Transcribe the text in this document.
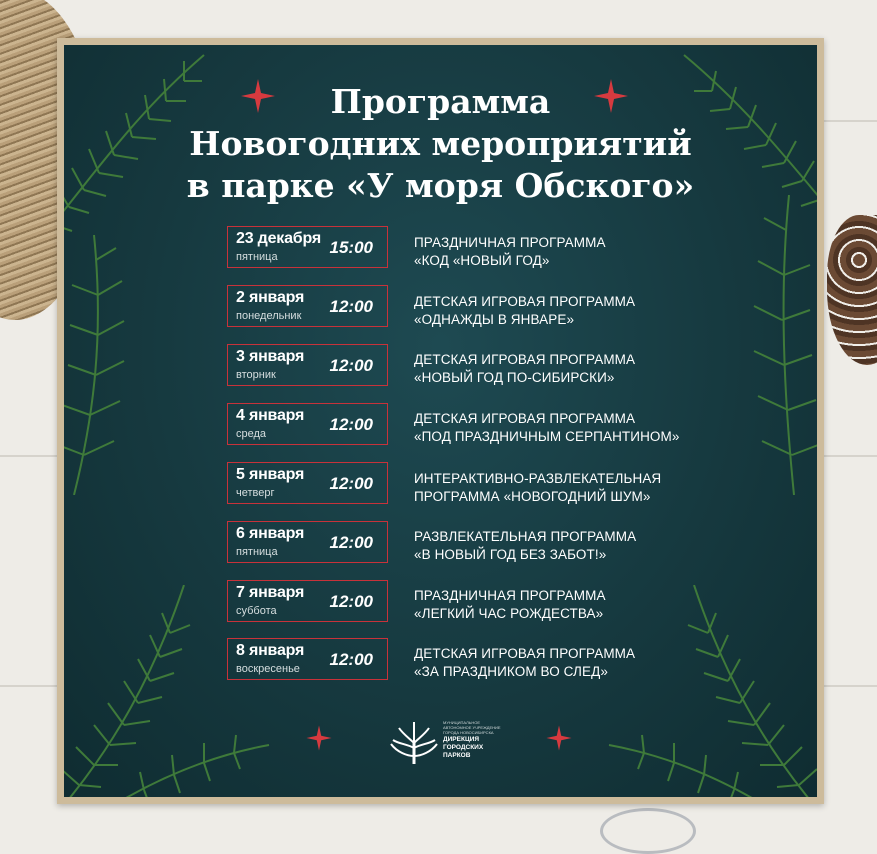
Программа
Новогодних мероприятий
в парке «У моря Обского»
23 декабря
пятница	15:00	ПРАЗДНИЧНАЯ ПРОГРАММА
«КОД «НОВЫЙ ГОД»
2 января
понедельник 12:00	ДЕТСКАЯ ИГРОВАЯ ПРОГРАММА
«ОДНАЖДЫ В ЯНВАРЕ»
3 января
вторник	12:00	ДЕТСКАЯ ИГРОВАЯ ПРОГРАММА
«НОВЫЙ ГОД ПО-СИБИРСКИ»
4 января
среда	12:00	ДЕТСКАЯ ИГРОВАЯ ПРОГРАММА
«ПОД ПРАЗДНИЧНЫМ СЕРПАНТИНОМ»
5 января
четверг	12:00	ИНТЕРАКТИВНО-РАЗВЛЕКАТЕЛЬНАЯ
ПРОГРАММА «НОВОГОДНИЙ ШУМ»
6 января
пятница	12:00	РАЗВЛЕКАТЕЛЬНАЯ ПРОГРАММА
«В НОВЫЙ ГОД БЕЗ ЗАБОТ!»
7 января
суббота	12:00	ПРАЗДНИЧНАЯ ПРОГРАММА
«ЛЕГКИЙ ЧАС РОЖДЕСТВА»
8 января
воскресенье 12:00	ДЕТСКАЯ ИГРОВАЯ ПРОГРАММА
«ЗА ПРАЗДНИКОМ ВО СЛЕД»
МУНИЦИПАЛЬНОЕ АВТОНОМНОЕ УЧРЕЖДЕНИЕ ГОРОДА НОВОСИБИРСКА
ДИРЕКЦИЯ ГОРОДСКИХ ПАРКОВ
